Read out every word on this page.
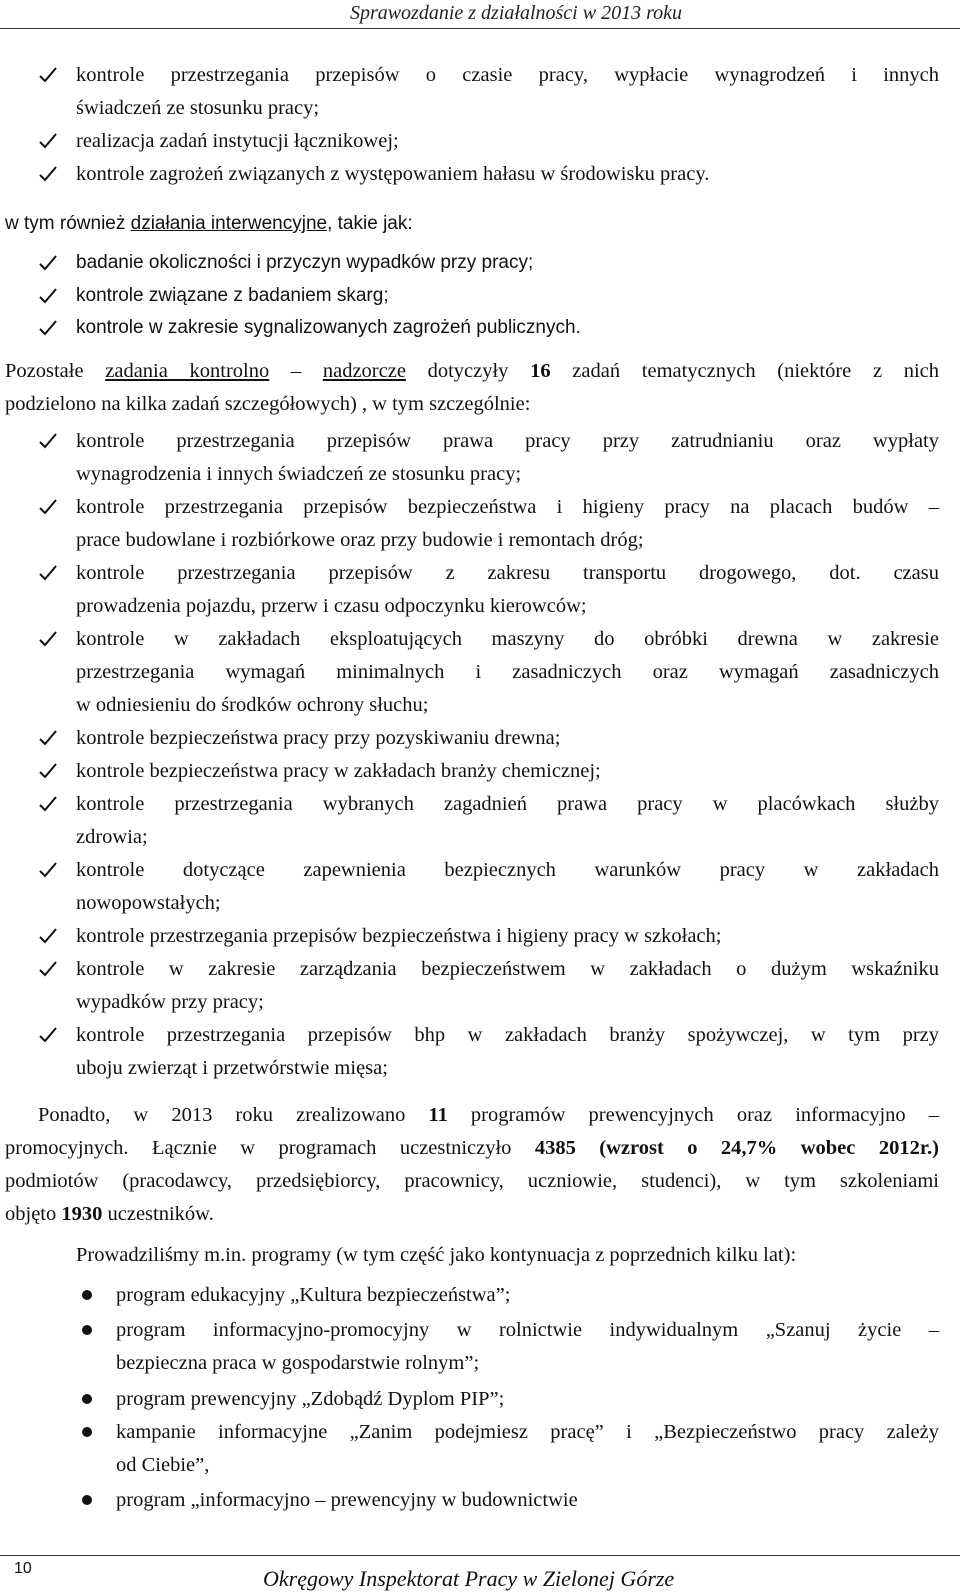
Sprawozdanie z działalności w 2013 roku
kontrole przestrzegania przepisów o czasie pracy, wypłacie wynagrodzeń i innych
świadczeń ze stosunku pracy;
realizacja zadań instytucji łącznikowej;
kontrole zagrożeń związanych z występowaniem hałasu w środowisku pracy.
w tym również działania interwencyjne, takie jak:
badanie okoliczności i przyczyn wypadków przy pracy;
kontrole związane z badaniem skarg;
kontrole w zakresie sygnalizowanych zagrożeń publicznych.
Pozostałe zadania kontrolno – nadzorcze dotyczyły 16 zadań tematycznych (niektóre z nich
podzielono na kilka zadań szczegółowych) , w tym szczególnie:
kontrole przestrzegania przepisów prawa pracy przy zatrudnianiu oraz wypłaty
wynagrodzenia i innych świadczeń ze stosunku pracy;
kontrole przestrzegania przepisów bezpieczeństwa i higieny pracy na placach budów –
prace budowlane i rozbiórkowe oraz przy budowie i remontach dróg;
kontrole przestrzegania przepisów z zakresu transportu drogowego, dot. czasu
prowadzenia pojazdu, przerw i czasu odpoczynku kierowców;
kontrole w zakładach eksploatujących maszyny do obróbki drewna w zakresie
przestrzegania wymagań minimalnych i zasadniczych oraz wymagań zasadniczych
w odniesieniu do środków ochrony słuchu;
kontrole bezpieczeństwa pracy przy pozyskiwaniu drewna;
kontrole bezpieczeństwa pracy w zakładach branży chemicznej;
kontrole przestrzegania wybranych zagadnień prawa pracy w placówkach służby
zdrowia;
kontrole dotyczące zapewnienia bezpiecznych warunków pracy w zakładach
nowopowstałych;
kontrole przestrzegania przepisów bezpieczeństwa i higieny pracy w szkołach;
kontrole w zakresie zarządzania bezpieczeństwem w zakładach o dużym wskaźniku
wypadków przy pracy;
kontrole przestrzegania przepisów bhp w zakładach branży spożywczej, w tym przy
uboju zwierząt i przetwórstwie mięsa;
Ponadto, w 2013 roku zrealizowano 11 programów prewencyjnych oraz informacyjno –
promocyjnych. Łącznie w programach uczestniczyło 4385 (wzrost o 24,7% wobec 2012r.)
podmiotów (pracodawcy, przedsiębiorcy, pracownicy, uczniowie, studenci), w tym szkoleniami
objęto 1930 uczestników.
Prowadziliśmy m.in. programy (w tym część jako kontynuacja z poprzednich kilku lat):
program edukacyjny „Kultura bezpieczeństwa”;
program informacyjno-promocyjny w rolnictwie indywidualnym „Szanuj życie –
bezpieczna praca w gospodarstwie rolnym”;
program prewencyjny „Zdobądź Dyplom PIP”;
kampanie informacyjne „Zanim podejmiesz pracę” i „Bezpieczeństwo pracy zależy
od Ciebie”,
program „informacyjno – prewencyjny w budownictwie
10	Okręgowy Inspektorat Pracy w Zielonej Górze
